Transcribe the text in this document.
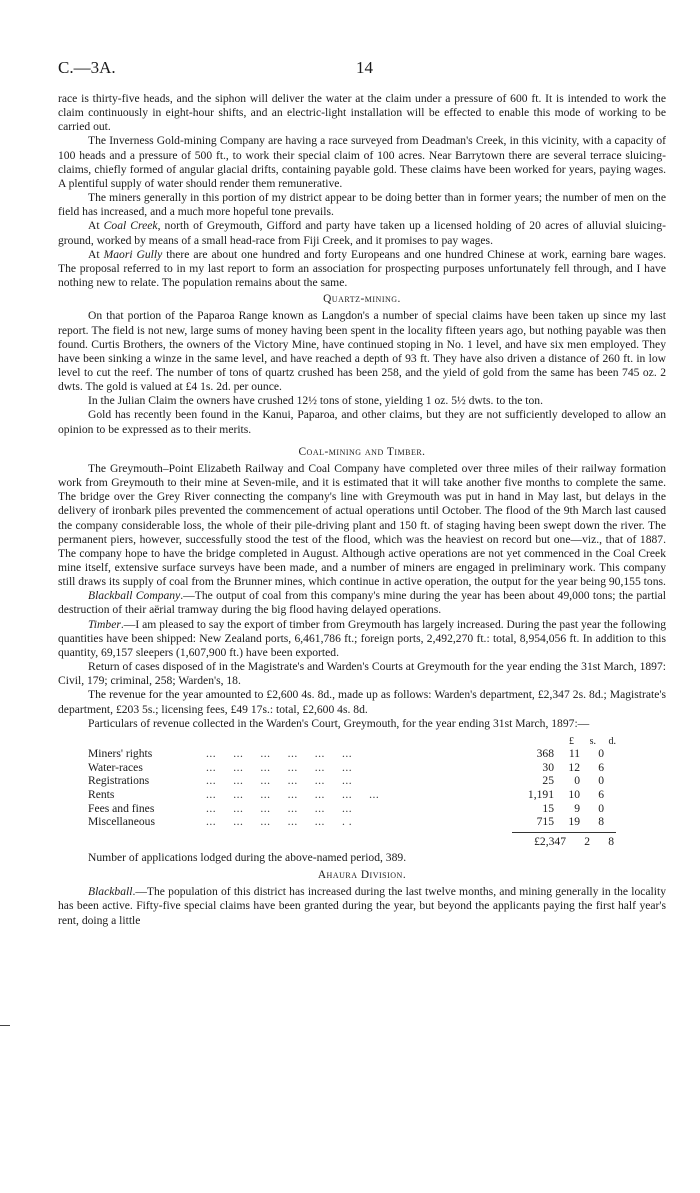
C.—3A.	14

race is thirty-five heads, and the siphon will deliver the water at the claim under a pressure of 600 ft. It is intended to work the claim continuously in eight-hour shifts, and an electric-light installation will be effected to enable this mode of working to be carried out.

The Inverness Gold-mining Company are having a race surveyed from Deadman's Creek, in this vicinity, with a capacity of 100 heads and a pressure of 500 ft., to work their special claim of 100 acres. Near Barrytown there are several terrace sluicing-claims, chiefly formed of angular glacial drifts, containing payable gold. These claims have been worked for years, paying wages. A plentiful supply of water should render them remunerative.

The miners generally in this portion of my district appear to be doing better than in former years; the number of men on the field has increased, and a much more hopeful tone prevails.

At Coal Creek, north of Greymouth, Gifford and party have taken up a licensed holding of 20 acres of alluvial sluicing-ground, worked by means of a small head-race from Fiji Creek, and it promises to pay wages.

At Maori Gully there are about one hundred and forty Europeans and one hundred Chinese at work, earning bare wages. The proposal referred to in my last report to form an association for prospecting purposes unfortunately fell through, and I have nothing new to relate. The population remains about the same.

Quartz-mining.

On that portion of the Paparoa Range known as Langdon's a number of special claims have been taken up since my last report. The field is not new, large sums of money having been spent in the locality fifteen years ago, but nothing payable was then found. Curtis Brothers, the owners of the Victory Mine, have continued stoping in No. 1 level, and have six men employed. They have been sinking a winze in the same level, and have reached a depth of 93 ft. They have also driven a distance of 260 ft. in low level to cut the reef. The number of tons of quartz crushed has been 258, and the yield of gold from the same has been 745 oz. 2 dwts. The gold is valued at £4 1s. 2d. per ounce.

In the Julian Claim the owners have crushed 12½ tons of stone, yielding 1 oz. 5½ dwts. to the ton.

Gold has recently been found in the Kanui, Paparoa, and other claims, but they are not sufficiently developed to allow an opinion to be expressed as to their merits.

Coal-mining and Timber.

The Greymouth–Point Elizabeth Railway and Coal Company have completed over three miles of their railway formation work from Greymouth to their mine at Seven-mile, and it is estimated that it will take another five months to complete the same. The bridge over the Grey River connecting the company's line with Greymouth was put in hand in May last, but delays in the delivery of ironbark piles prevented the commencement of actual operations until October. The flood of the 9th March last caused the company considerable loss, the whole of their pile-driving plant and 150 ft. of staging having been swept down the river. The permanent piers, however, successfully stood the test of the flood, which was the heaviest on record but one—viz., that of 1887. The company hope to have the bridge completed in August. Although active operations are not yet commenced in the Coal Creek mine itself, extensive surface surveys have been made, and a number of miners are engaged in preliminary work. This company still draws its supply of coal from the Brunner mines, which continue in active operation, the output for the year being 90,155 tons.

Blackball Company.—The output of coal from this company's mine during the year has been about 49,000 tons; the partial destruction of their aërial tramway during the big flood having delayed operations.

Timber.—I am pleased to say the export of timber from Greymouth has largely increased. During the past year the following quantities have been shipped: New Zealand ports, 6,461,786 ft.; foreign ports, 2,492,270 ft.: total, 8,954,056 ft. In addition to this quantity, 69,157 sleepers (1,607,900 ft.) have been exported.

Return of cases disposed of in the Magistrate's and Warden's Courts at Greymouth for the year ending the 31st March, 1897: Civil, 179; criminal, 258; Warden's, 18.

The revenue for the year amounted to £2,600 4s. 8d., made up as follows: Warden's department, £2,347 2s. 8d.; Magistrate's department, £203 5s.; licensing fees, £49 17s.: total, £2,600 4s. 8d.

Particulars of revenue collected in the Warden's Court, Greymouth, for the year ending 31st March, 1897:—

£	s.	d.
Miners' rights	...     ...     ...     ...     ...     ...	368	11	0
Water-races	...     ...     ...     ...     ...     ...	30	12	6
Registrations	...     ...     ...     ...     ...     ...	25	0	0
Rents	...     ...     ...     ...     ...     ...     ...	1,191	10	6
Fees and fines	...     ...     ...     ...     ...     ...	15	9	0
Miscellaneous	...     ...     ...     ...     ...     . .	715	19	8
£2,347	2	8

Number of applications lodged during the above-named period, 389.

Ahaura Division.

Blackball.—The population of this district has increased during the last twelve months, and mining generally in the locality has been active. Fifty-five special claims have been granted during the year, but beyond the applicants paying the first half year's rent, doing a little
